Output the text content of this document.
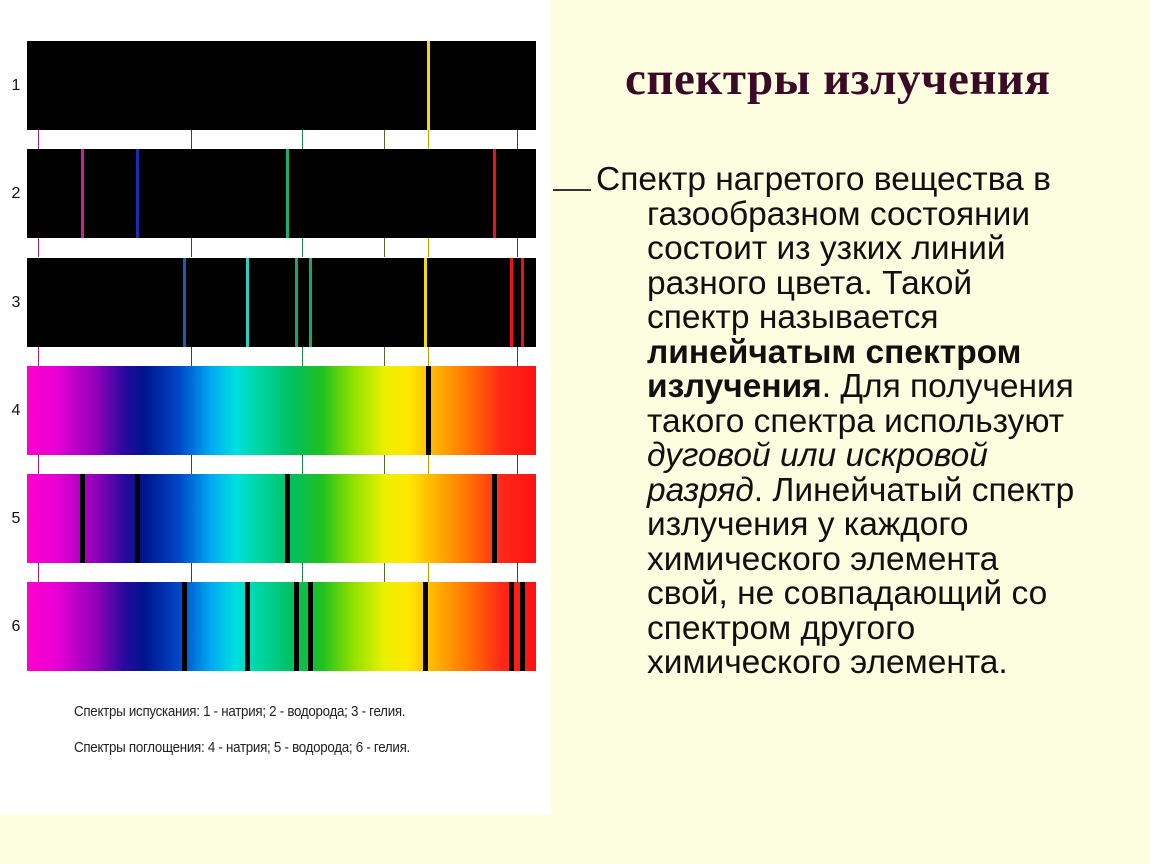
1
2
3
4
5
6
Спектры испускания: 1 - натрия; 2 - водорода; 3 - гелия.
Спектры поглощения: 4 - натрия; 5 - водорода; 6 - гелия.
спектры излучения
Спектр нагретого вещества в
газообразном состоянии
состоит из узких линий
разного цвета. Такой
спектр называется
линейчатым спектром
излучения. Для получения
такого спектра используют
дуговой или искровой
разряд. Линейчатый спектр
излучения у каждого
химического элемента
свой, не совпадающий со
спектром другого
химического элемента.
